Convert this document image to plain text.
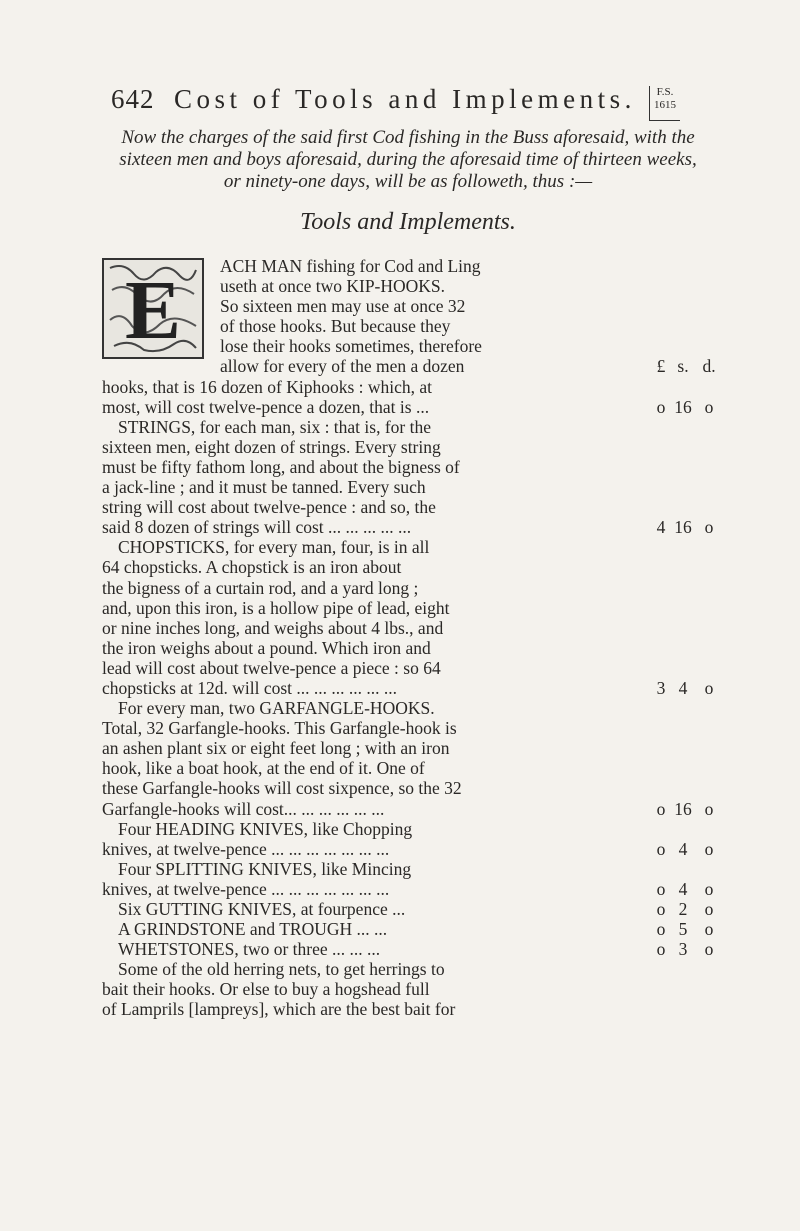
642 Cost of Tools and Implements.	F.S.
1615
Now the charges of the said first Cod fishing in the Buss aforesaid, with the sixteen men and boys aforesaid, during the aforesaid time of thirteen weeks, or ninety-one days, will be as followeth, thus :—
Tools and Implements.
E ACH MAN fishing for Cod and Ling
useth at once two KIP-HOOKS.
So sixteen men may use at once 32
of those hooks. But because they
lose their hooks sometimes, therefore
allow for every of the men a dozen	£ s. d.
hooks, that is 16 dozen of Kiphooks : which, at
most, will cost twelve-pence a dozen, that is ...	o 16 o
STRINGS, for each man, six : that is, for the
sixteen men, eight dozen of strings. Every string
must be fifty fathom long, and about the bigness of
a jack-line ; and it must be tanned. Every such
string will cost about twelve-pence : and so, the
said 8 dozen of strings will cost ... ... ... ... ...	4 16 o
CHOPSTICKS, for every man, four, is in all
64 chopsticks. A chopstick is an iron about
the bigness of a curtain rod, and a yard long ;
and, upon this iron, is a hollow pipe of lead, eight
or nine inches long, and weighs about 4 lbs., and
the iron weighs about a pound. Which iron and
lead will cost about twelve-pence a piece : so 64
chopsticks at 12d. will cost ... ... ... ... ... ...	3 4 o
For every man, two GARFANGLE-HOOKS.
Total, 32 Garfangle-hooks. This Garfangle-hook is
an ashen plant six or eight feet long ; with an iron
hook, like a boat hook, at the end of it. One of
these Garfangle-hooks will cost sixpence, so the 32
Garfangle-hooks will cost... ... ... ... ... ...	o 16 o
Four HEADING KNIVES, like Chopping
knives, at twelve-pence ... ... ... ... ... ... ...	o 4 o
Four SPLITTING KNIVES, like Mincing
knives, at twelve-pence ... ... ... ... ... ... ...	o 4 o
Six GUTTING KNIVES, at fourpence ...	o 2 o
A GRINDSTONE and TROUGH ... ...	o 5 o
WHETSTONES, two or three ... ... ...	o 3 o
Some of the old herring nets, to get herrings to
bait their hooks. Or else to buy a hogshead full
of Lamprils [lampreys], which are the best bait for
